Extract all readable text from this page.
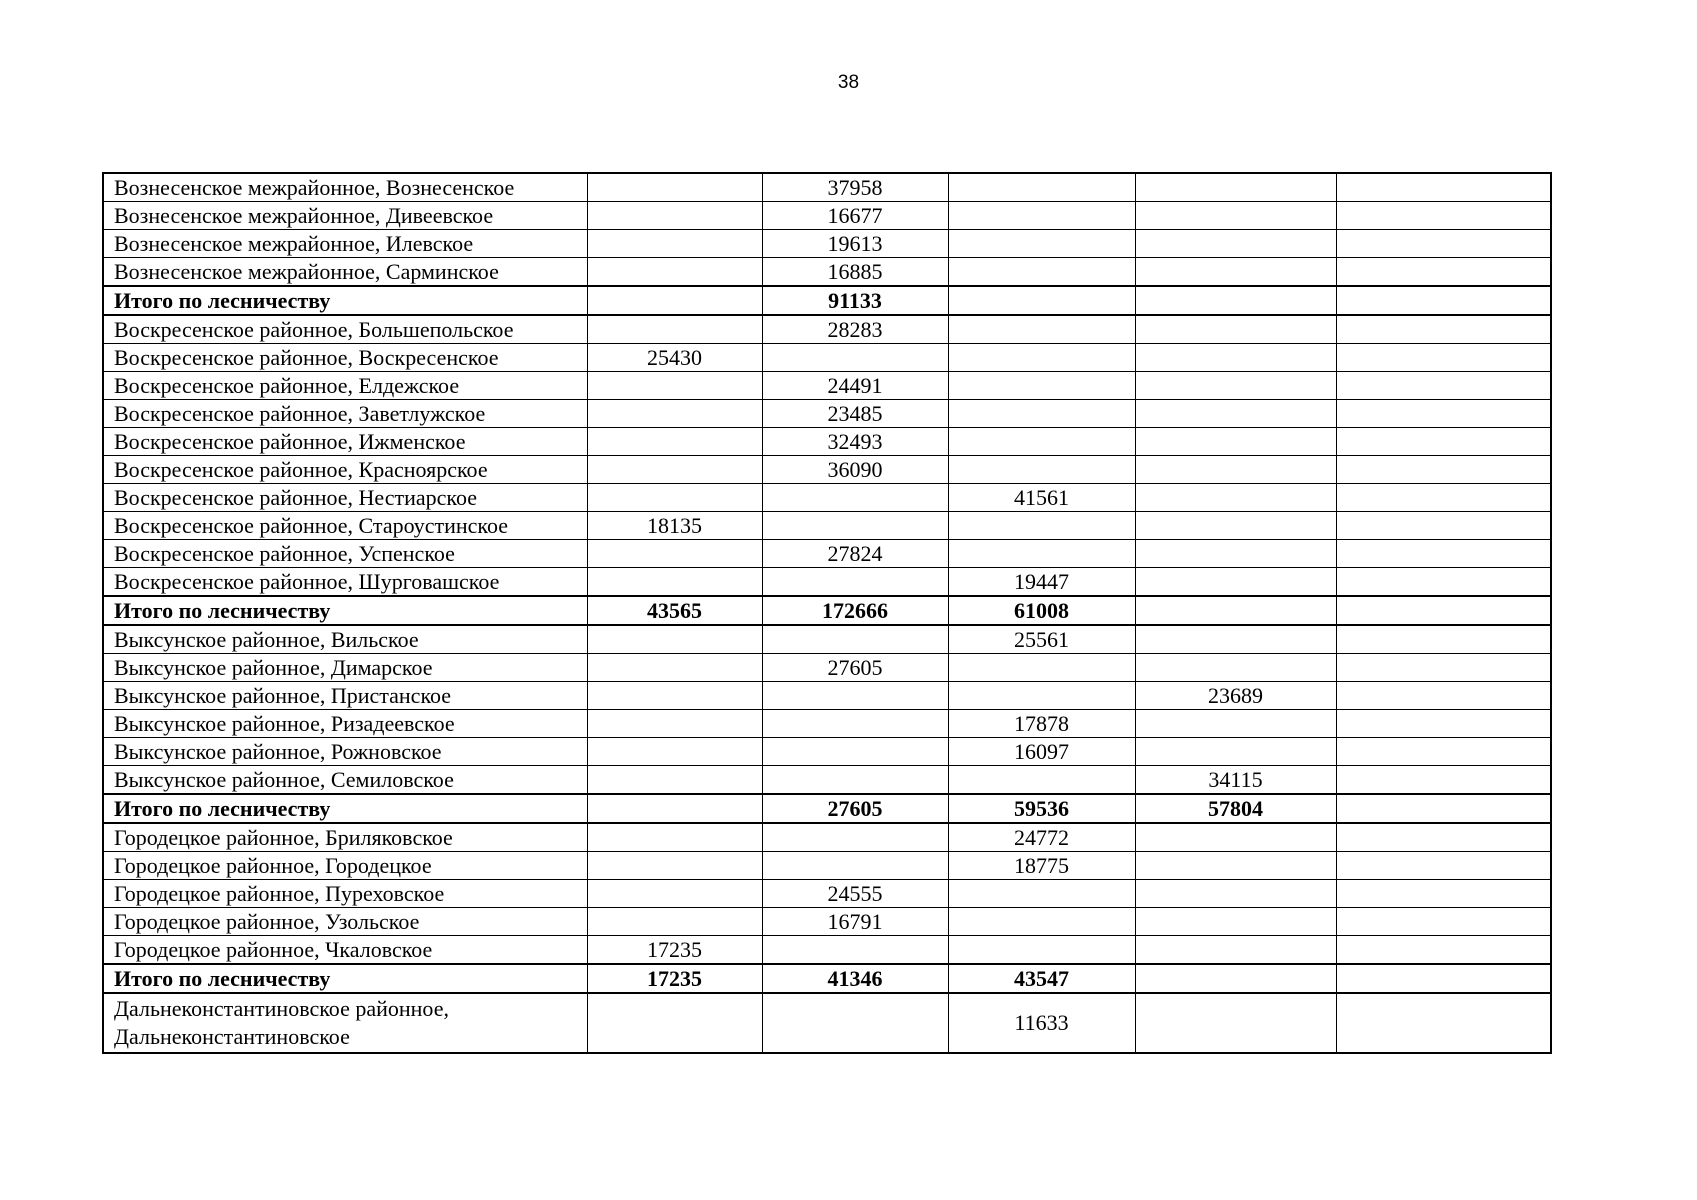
38
Вознесенское межрайонное, Вознесенское		37958			
Вознесенское межрайонное, Дивеевское		16677			
Вознесенское межрайонное, Илевское		19613			
Вознесенское межрайонное, Сарминское		16885			
Итого по лесничеству		91133			
Воскресенское районное, Большепольское		28283			
Воскресенское районное, Воскресенское	25430				
Воскресенское районное, Елдежское		24491			
Воскресенское районное, Заветлужское		23485			
Воскресенское районное, Ижменское		32493			
Воскресенское районное, Красноярское		36090			
Воскресенское районное, Нестиарское			41561		
Воскресенское районное, Староустинское	18135				
Воскресенское районное, Успенское		27824			
Воскресенское районное, Шурговашское			19447		
Итого по лесничеству	43565	172666	61008		
Выксунское районное, Вильское			25561		
Выксунское районное, Димарское		27605			
Выксунское районное, Пристанское				23689	
Выксунское районное, Ризадеевское			17878		
Выксунское районное, Рожновское			16097		
Выксунское районное, Семиловское				34115	
Итого по лесничеству		27605	59536	57804	
Городецкое районное, Бриляковское			24772		
Городецкое районное, Городецкое			18775		
Городецкое районное, Пуреховское		24555			
Городецкое районное, Узольское		16791			
Городецкое районное, Чкаловское	17235				
Итого по лесничеству	17235	41346	43547		
Дальнеконстантиновское районное, Дальнеконстантиновское			11633		
